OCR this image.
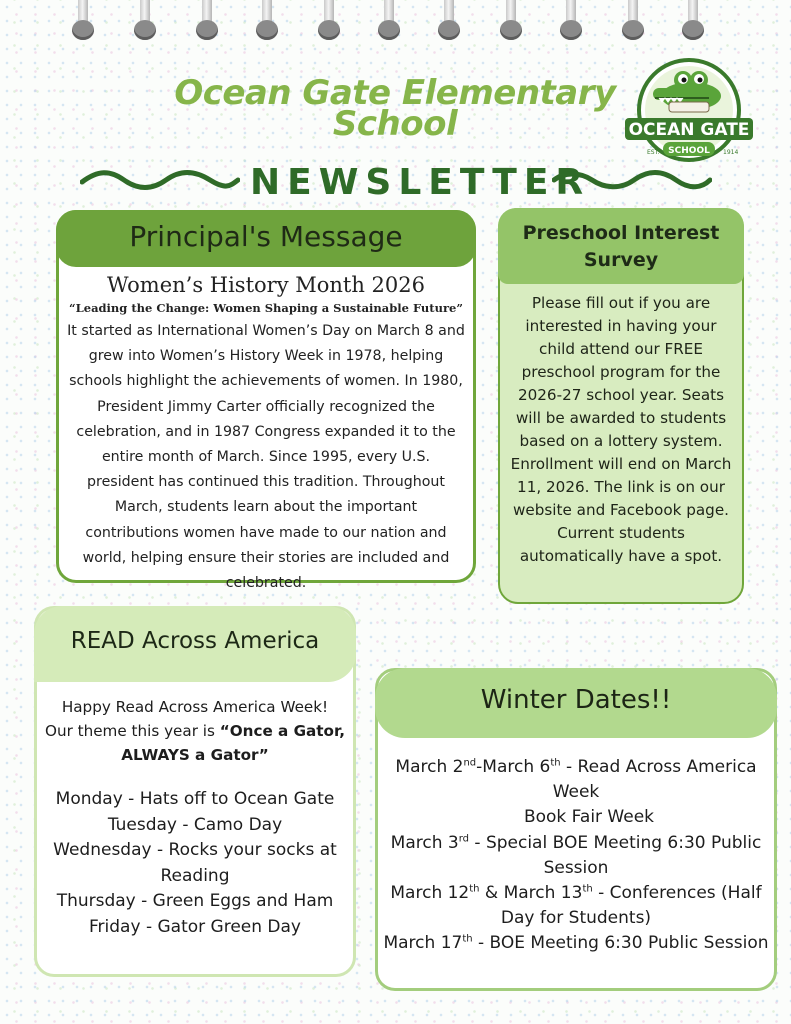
Ocean Gate Elementary School	OCEAN GATE
SCHOOL
EST.	1914
NEWSLETTER
Principal's Message
Women’s History Month 2026
“Leading the Change: Women Shaping a Sustainable Future”
It started as International Women’s Day on March 8 and grew into Women’s History Week in 1978, helping schools highlight the achievements of women. In 1980, President Jimmy Carter officially recognized the celebration, and in 1987 Congress expanded it to the entire month of March. Since 1995, every U.S. president has continued this tradition. Throughout March, students learn about the important contributions women have made to our nation and world, helping ensure their stories are included and celebrated.
Preschool Interest Survey
Please fill out if you are interested in having your child attend our FREE preschool program for the 2026-27 school year. Seats will be awarded to students based on a lottery system. Enrollment will end on March 11, 2026. The link is on our website and Facebook page. Current students automatically have a spot.
READ Across America
Happy Read Across America Week!
Our theme this year is “Once a Gator, ALWAYS a Gator”
Monday - Hats off to Ocean Gate
Tuesday - Camo Day
Wednesday - Rocks your socks at Reading
Thursday - Green Eggs and Ham
Friday - Gator Green Day
Winter Dates!!
March 2nd-March 6th - Read Across America Week
Book Fair Week
March 3rd - Special BOE Meeting 6:30 Public Session
March 12th & March 13th - Conferences (Half Day for Students)
March 17th - BOE Meeting 6:30 Public Session
